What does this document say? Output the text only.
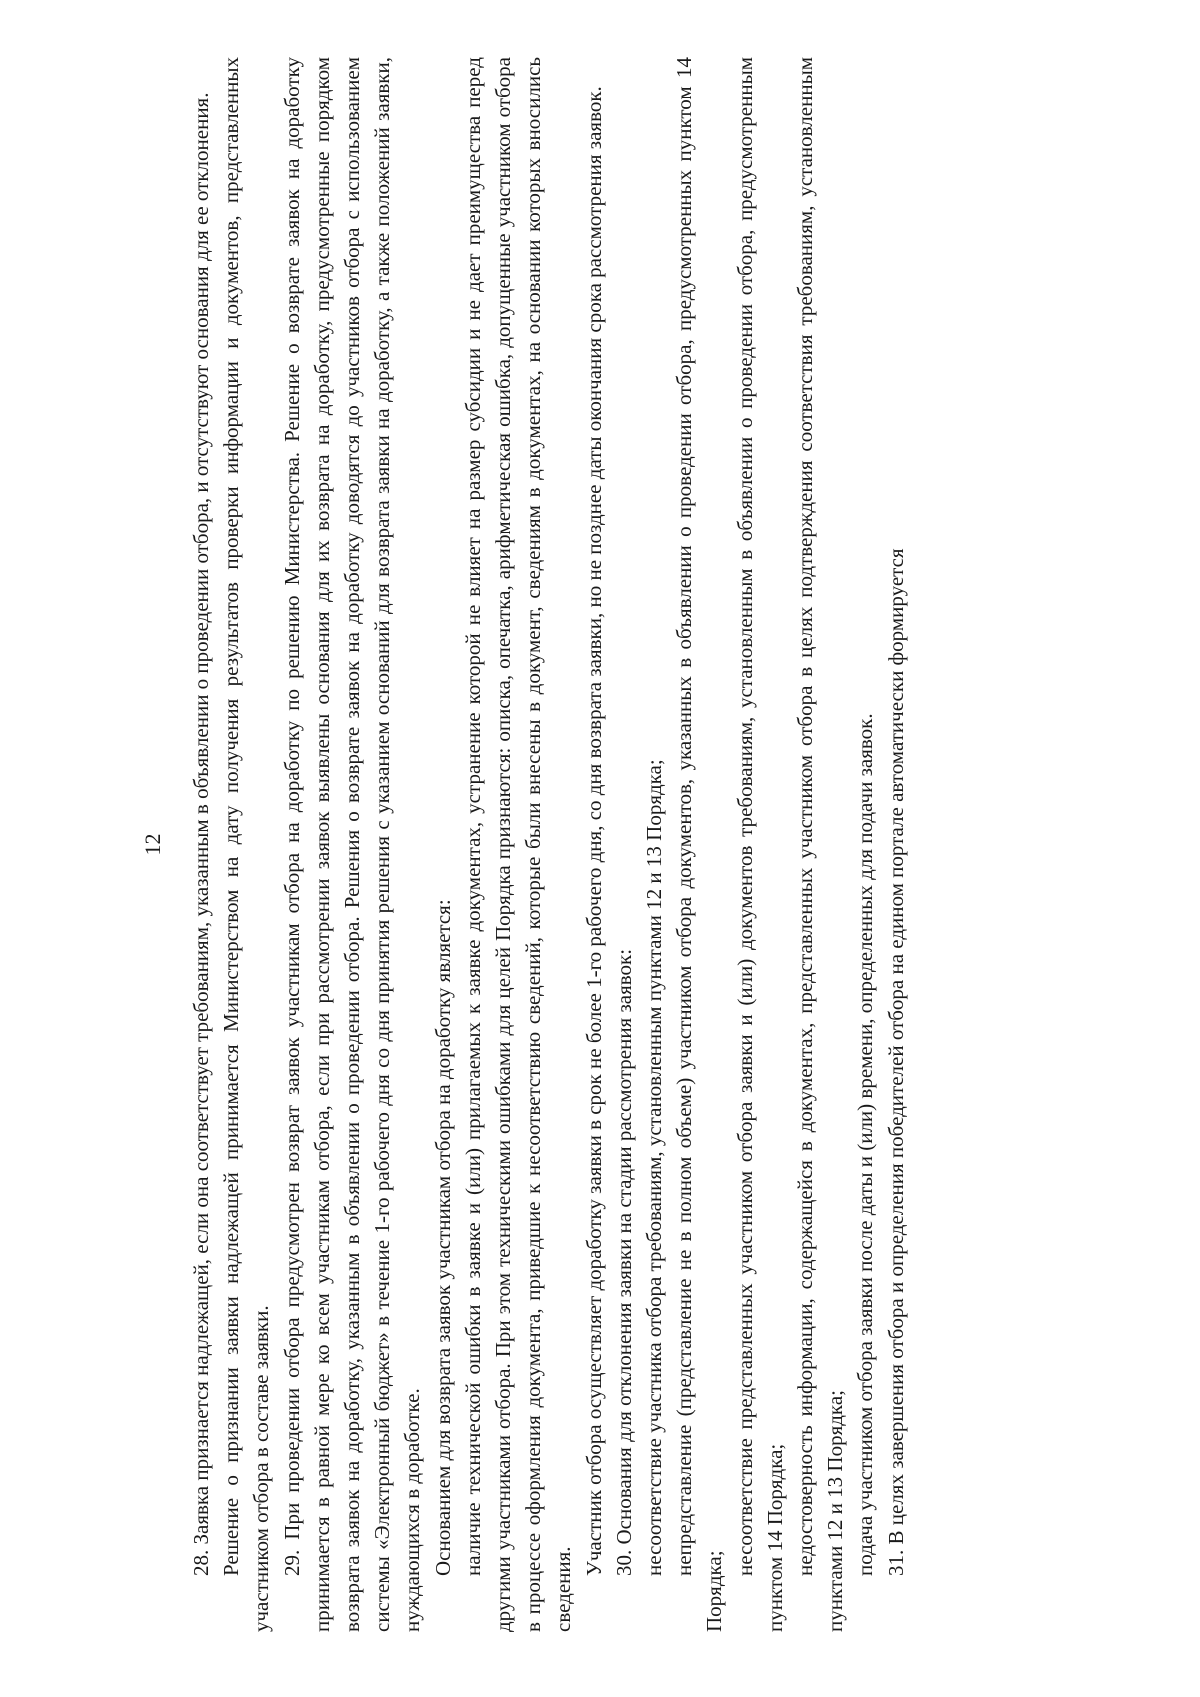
12 28. Заявка признается надлежащей, если она соответствует требованиям, указанным в объявлении о проведении отбора, и отсутствуют основания для ее отклонения. Решение о признании заявки надлежащей принимается Министерством на дату получения результатов проверки информации и документов, представленных участником отбора в составе заявки. 29. При проведении отбора предусмотрен возврат заявок участникам отбора на доработку по решению Министерства. Решение о возврате заявок на доработку принимается в равной мере ко всем участникам отбора, если при рассмотрении заявок выявлены основания для их возврата на доработку, предусмотренные порядком возврата заявок на доработку, указанным в объявлении о проведении отбора. Решения о возврате заявок на доработку доводятся до участников отбора с использованием системы «Электронный бюджет» в течение 1-го рабочего дня со дня принятия решения с указанием оснований для возврата заявки на доработку, а также положений заявки, нуждающихся в доработке. Основанием для возврата заявок участникам отбора на доработку является: наличие технической ошибки в заявке и (или) прилагаемых к заявке документах, устранение которой не влияет на размер субсидии и не дает преимущества перед другими участниками отбора. При этом техническими ошибками для целей Порядка признаются: описка, опечатка, арифметическая ошибка, допущенные участником отбора в процессе оформления документа, приведшие к несоответствию сведений, которые были внесены в документ, сведениям в документах, на основании которых вносились сведения.

Участник отбора осуществляет доработку заявки в срок не более 1-го рабочего дня, со дня возврата заявки, но не позднее даты окончания срока рассмотрения заявок. 30. Основания для отклонения заявки на стадии рассмотрения заявок: несоответствие участника отбора требованиям, установленным пунктами 12 и 13 Порядка; непредставление (представление не в полном объеме) участником отбора документов, указанных в объявлении о проведении отбора, предусмотренных пунктом 14 Порядка;

несоответствие представленных участником отбора заявки и (или) документов требованиям, установленным в объявлении о проведении отбора, предусмотренным пунктом 14 Порядка; недостоверность информации, содержащейся в документах, представленных участником отбора в целях подтверждения соответствия требованиям, установленным пунктами 12 и 13 Порядка; подача участником отбора заявки после даты и (или) времени, определенных для подачи заявок. 31. В целях завершения отбора и определения победителей отбора на едином портале автоматически формируется
